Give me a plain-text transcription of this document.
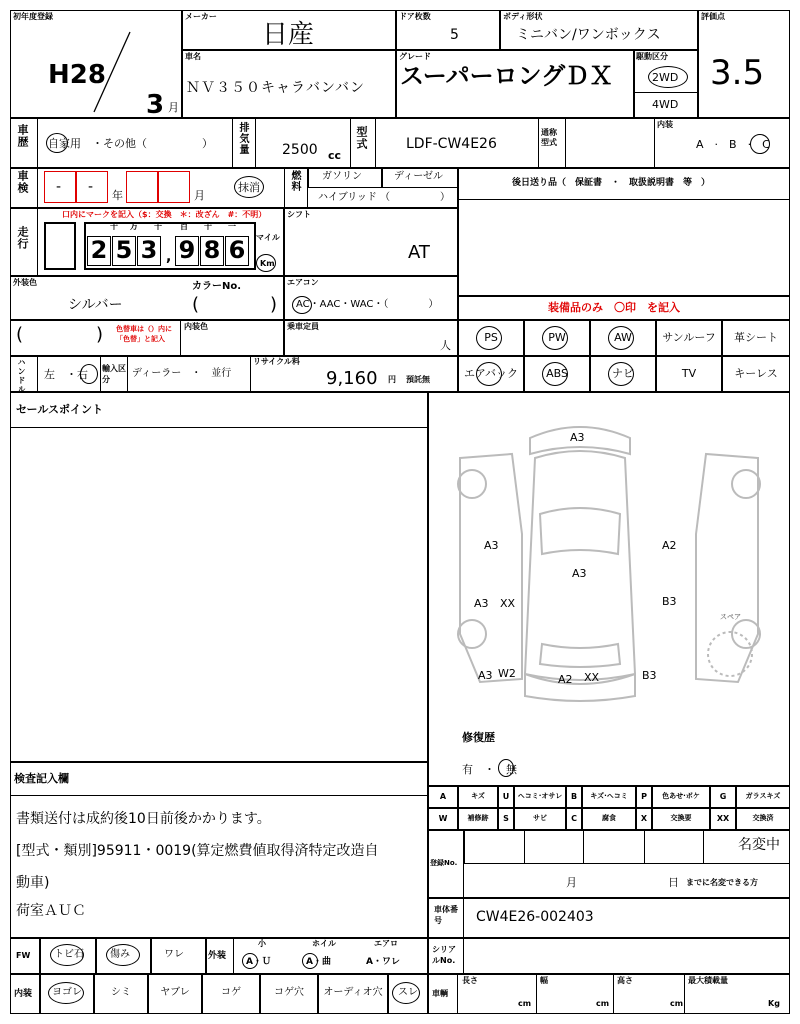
初年度登録
H28
3 月
メーカー
日産
ドア枚数
5
ボディ形状
ミニバン/ワンボックス
評価点
3.5
車名
ＮＶ３５０キャラバンバン
グレード
スーパーロングＤＸ
駆動区分
2WD
4WD
車歴 自家用　・その他（　　　　　） 排気量 2500 cc
型式	LDF-CW4E26
通称型式
内装
A　·　B　·　C
車検 - -
年	月
抹消	燃料 ガソリン	ディーゼル
ハイブリッド （　　　　　）
後日送り品（　保証書　・　取扱説明書　等　）
走行
口内にマークを記入（$：交換　＊：改ざん　#：不明）
,
マイル
Km
シフト
AT
外装色
シルバー
カラーNo.
(	)
エアコン
AC・AAC・WAC・（　　　　）	装備品のみ　〇印　を記入
(	) 色替車は（）内に「色替」と記入
内装色	乗車定員
人
ハンドル 左　・右 輸入区分
ディーラー　・　並行
リサイクル料
9,160 円 預託無
セールスポイント
スペア
修復歴
有　・　無
検査記入欄
書類送付は成約後10日前後かかります。
[型式・類別]95911・0019(算定燃費値取得済特定改造自
動車)
荷室ＡＵＣ
登録No.
名変中
月	日 までに名変できる方
車体番号	CW4E26-002403
シリアルNo.
車輌
長さ
cm
幅
cm
高さ
cm
最大積載量
Kg
十 万 千 百 十 一
2 5 3 9 8 6
PS	PW	AW	サンルーフ	革シート
エアバック	ABS	ナビ	TV	キーレス
A3
A3	A2
A3
A3 XX	B3
A3 W2	A2 XX	B3
A	キズ	U	ヘコミ·オサレ	B	キズ·ヘコミ	P	色あせ·ボケ	G	ガラスキズ
W	補修跡	S	サビ	C	腐食	X	交換要	XX	交換済
FW トビ石	傷み	ワレ	外装
小	ホイル	エアロ
A・Ｕ	A・曲	A・ワレ
内装	ヨゴレ	シミ	ヤブレ	コゲ	コゲ穴	オーディオ穴	スレ
